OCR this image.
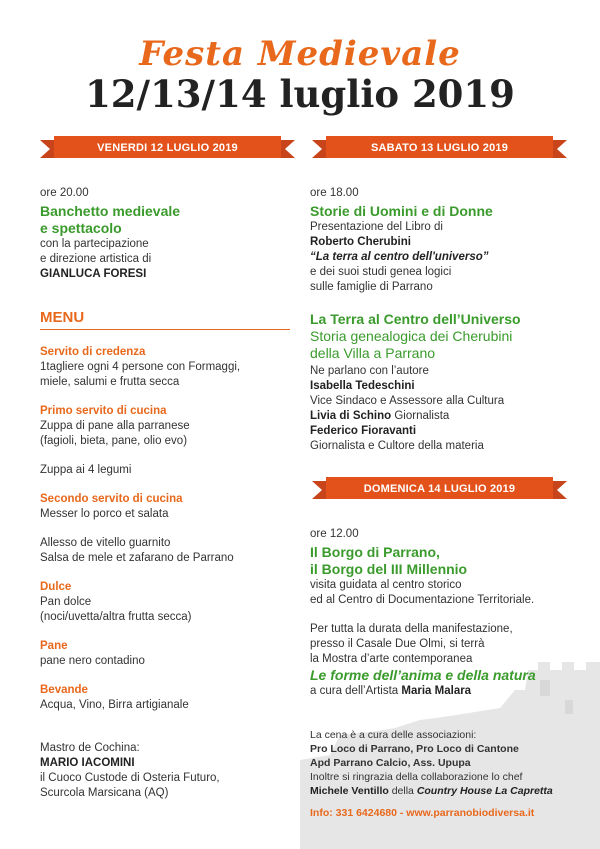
Festa Medievale
12/13/14 luglio 2019
VENERDI 12 LUGLIO 2019	SABATO 13 LUGLIO 2019
ore 20.00
Banchetto medievale
e spettacolo
con la partecipazione
e direzione artistica di
GIANLUCA FORESI
MENU
Servito di credenza
1tagliere ogni 4 persone con Formaggi,
miele, salumi e frutta secca
Primo servito di cucina
Zuppa di pane alla parranese
(fagioli, bieta, pane, olio evo)
Zuppa ai 4 legumi
Secondo servito di cucina
Messer lo porco et salata
Allesso de vitello guarnito
Salsa de mele et zafarano de Parrano
Dulce
Pan dolce
(noci/uvetta/altra frutta secca)
Pane
pane nero contadino
Bevande
Acqua, Vino, Birra artigianale
Mastro de Cochina:
MARIO IACOMINI
il Cuoco Custode di Osteria Futuro,
Scurcola Marsicana (AQ)
ore 18.00
Storie di Uomini e di Donne
Presentazione del Libro di
Roberto Cherubini
“La terra al centro dell'universo”
e dei suoi studi genea logici
sulle famiglie di Parrano
La Terra al Centro dell’Universo
Storia genealogica dei Cherubini
della Villa a Parrano
Ne parlano con l’autore
Isabella Tedeschini
Vice Sindaco e Assessore alla Cultura
Livia di Schino Giornalista
Federico Fioravanti
Giornalista e Cultore della materia
DOMENICA 14 LUGLIO 2019
ore 12.00
Il Borgo di Parrano,
il Borgo del III Millennio
visita guidata al centro storico
ed al Centro di Documentazione Territoriale.
Per tutta la durata della manifestazione,
presso il Casale Due Olmi, si terrà
la Mostra d’arte contemporanea
Le forme dell’anima e della natura
a cura dell’Artista Maria Malara
La cena è a cura delle associazioni:
Pro Loco di Parrano, Pro Loco di Cantone
Apd Parrano Calcio, Ass. Upupa
Inoltre si ringrazia della collaborazione lo chef
Michele Ventillo della Country House La Capretta
Info: 331 6424680 - www.parranobiodiversa.it
